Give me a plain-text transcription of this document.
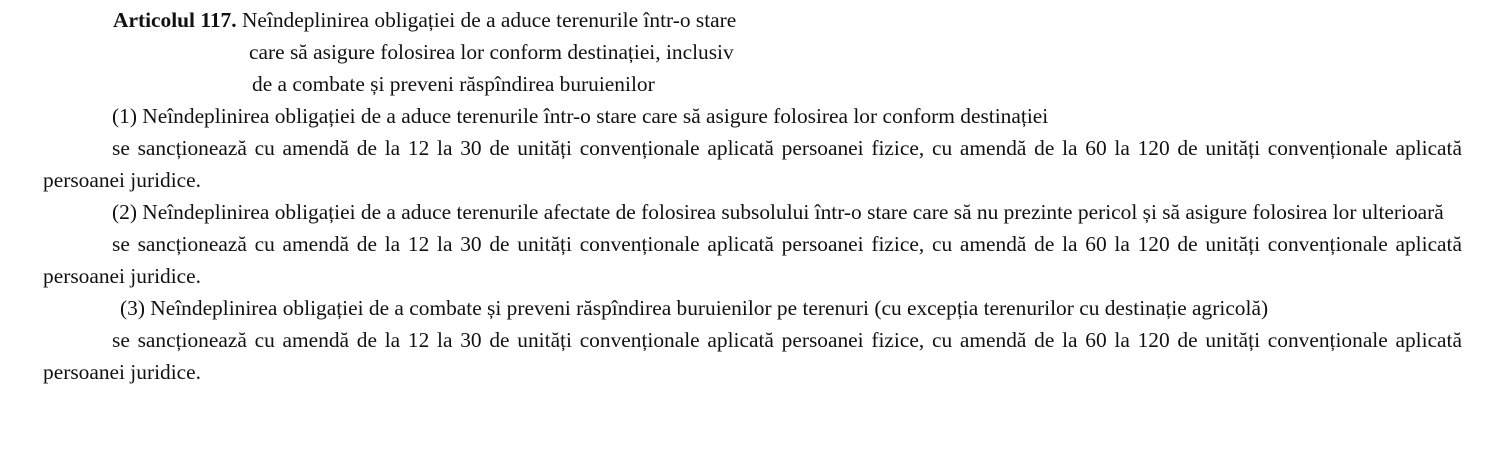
Articolul 117. Neîndeplinirea obligației de a aduce terenurile într-o stare
care să asigure folosirea lor conform destinației, inclusiv
de a combate și preveni răspîndirea buruienilor

(1) Neîndeplinirea obligației de a aduce terenurile într-o stare care să asigure folosirea lor conform destinației

se sancționează cu amendă de la 12 la 30 de unități convenționale aplicată persoanei fizice, cu amendă de la 60 la 120 de unități convenționale aplicată persoanei juridice.

(2) Neîndeplinirea obligației de a aduce terenurile afectate de folosirea subsolului într-o stare care să nu prezinte pericol și să asigure folosirea lor ulterioară

se sancționează cu amendă de la 12 la 30 de unități convenționale aplicată persoanei fizice, cu amendă de la 60 la 120 de unități convenționale aplicată persoanei juridice.

(3) Neîndeplinirea obligației de a combate și preveni răspîndirea buruienilor pe terenuri (cu excepția terenurilor cu destinație agricolă)

se sancționează cu amendă de la 12 la 30 de unități convenționale aplicată persoanei fizice, cu amendă de la 60 la 120 de unități convenționale aplicată persoanei juridice.
